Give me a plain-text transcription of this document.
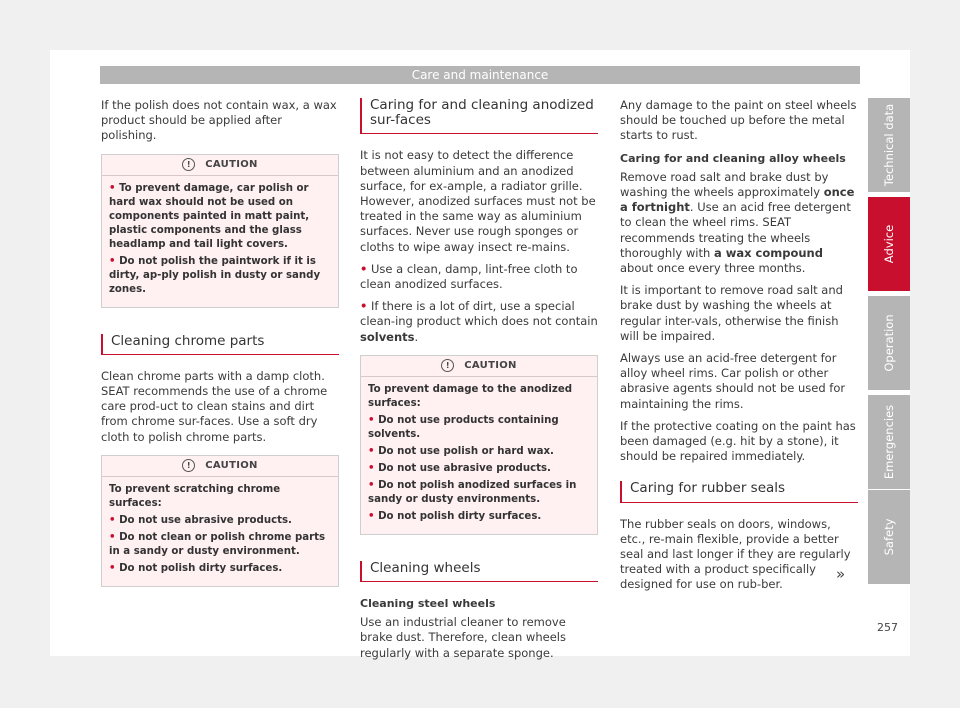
Care and maintenance

If the polish does not contain wax, a wax product should be applied after polishing.

!	CAUTION
• To prevent damage, car polish or hard wax should not be used on components painted in matt paint, plastic components and the glass headlamp and tail light covers.
• Do not polish the paintwork if it is dirty, ap-ply polish in dusty or sandy zones.
Cleaning chrome parts

Clean chrome parts with a damp cloth. SEAT recommends the use of a chrome care prod-uct to clean stains and dirt from chrome sur-faces. Use a soft dry cloth to polish chrome parts.

!	CAUTION
To prevent scratching chrome surfaces:
• Do not use abrasive products.
• Do not clean or polish chrome parts in a sandy or dusty environment.
• Do not polish dirty surfaces.
Caring for and cleaning anodized sur-faces

It is not easy to detect the difference between aluminium and an anodized surface, for ex-ample, a radiator grille. However, anodized surfaces must not be treated in the same way as aluminium surfaces. Never use rough sponges or cloths to wipe away insect re-mains.

• Use a clean, damp, lint-free cloth to clean anodized surfaces.

• If there is a lot of dirt, use a special clean-ing product which does not contain solvents.

!	CAUTION
To prevent damage to the anodized surfaces:
• Do not use products containing solvents.
• Do not use polish or hard wax.
• Do not use abrasive products.
• Do not polish anodized surfaces in sandy or dusty environments.
• Do not polish dirty surfaces.
Cleaning wheels

Cleaning steel wheels

Use an industrial cleaner to remove brake dust. Therefore, clean wheels regularly with a separate sponge.

Any damage to the paint on steel wheels should be touched up before the metal starts to rust.

Caring for and cleaning alloy wheels

Remove road salt and brake dust by washing the wheels approximately once a fortnight. Use an acid free detergent to clean the wheel rims. SEAT recommends treating the wheels thoroughly with a wax compound about once every three months.

It is important to remove road salt and brake dust by washing the wheels at regular inter-vals, otherwise the finish will be impaired.

Always use an acid-free detergent for alloy wheel rims. Car polish or other abrasive agents should not be used for maintaining the rims.

If the protective coating on the paint has been damaged (e.g. hit by a stone), it should be repaired immediately.

Caring for rubber seals

The rubber seals on doors, windows, etc., re-main flexible, provide a better seal and last longer if they are regularly treated with a product specifically designed for use on rub-ber.

»
Technical data
Advice
Operation
Emergencies
Safety
257
